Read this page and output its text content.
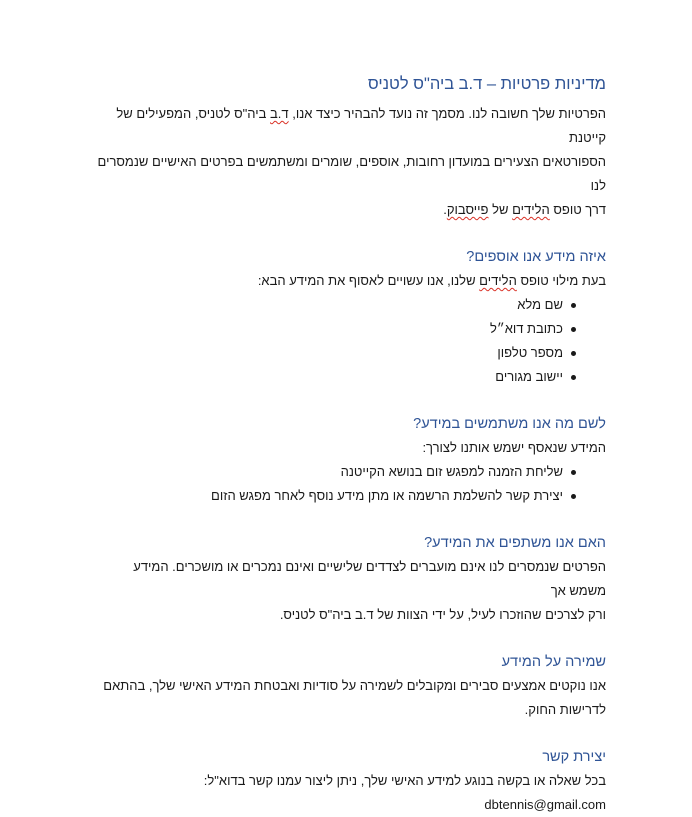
מדיניות פרטיות – ד.ב ביה"ס לטניס

הפרטיות שלך חשובה לנו. מסמך זה נועד להבהיר כיצד אנו, ד.ב ביה"ס לטניס, המפעילים של קייטנת
הספורטאים הצעירים במועדון רחובות, אוספים, שומרים ומשתמשים בפרטים האישיים שנמסרים לנו
דרך טופס הלידים של פייסבוק.

איזה מידע אנו אוספים?

בעת מילוי טופס הלידים שלנו, אנו עשויים לאסוף את המידע הבא:

שם מלא
כתובת דוא״ל
מספר טלפון
יישוב מגורים
לשם מה אנו משתמשים במידע?

המידע שנאסף ישמש אותנו לצורך:

שליחת הזמנה למפגש זום בנושא הקייטנה
יצירת קשר להשלמת הרשמה או מתן מידע נוסף לאחר מפגש הזום
האם אנו משתפים את המידע?

הפרטים שנמסרים לנו אינם מועברים לצדדים שלישיים ואינם נמכרים או מושכרים. המידע משמש אך
ורק לצרכים שהוזכרו לעיל, על ידי הצוות של ד.ב ביה"ס לטניס.

שמירה על המידע

אנו נוקטים אמצעים סבירים ומקובלים לשמירה על סודיות ואבטחת המידע האישי שלך, בהתאם
לדרישות החוק.

יצירת קשר

בכל שאלה או בקשה בנוגע למידע האישי שלך, ניתן ליצור עמנו קשר בדוא"ל: dbtennis@gmail.com
